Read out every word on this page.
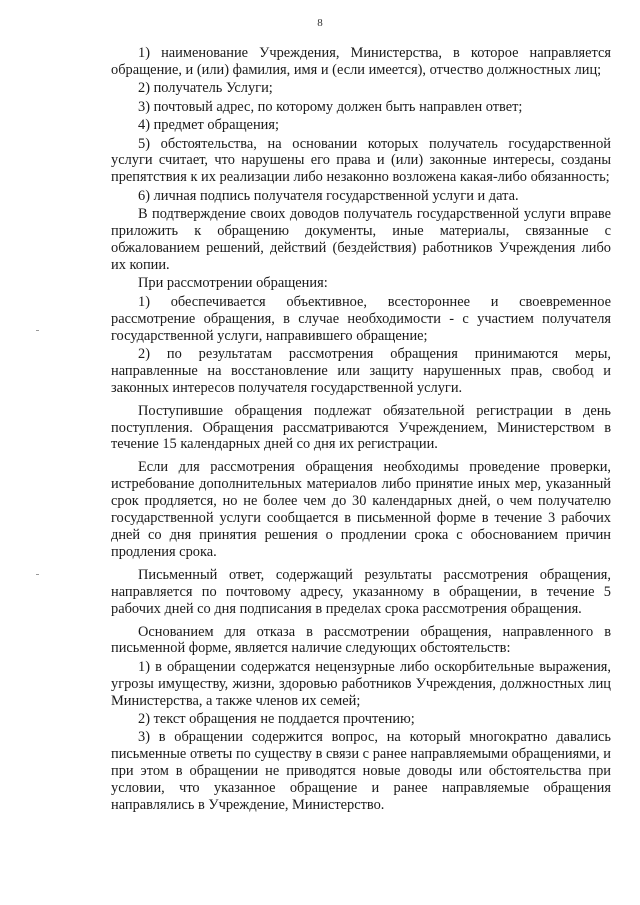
8

1) наименование Учреждения, Министерства, в которое направляется обращение, и (или) фамилия, имя и (если имеется), отчество должностных лиц;

2) получатель Услуги;

3) почтовый адрес, по которому должен быть направлен ответ;

4) предмет обращения;

5) обстоятельства, на основании которых получатель государственной услуги считает, что нарушены его права и (или) законные интересы, созданы препятствия к их реализации либо незаконно возложена какая-либо обязанность;

6) личная подпись получателя государственной услуги и дата.

В подтверждение своих доводов получатель государственной услуги вправе приложить к обращению документы, иные материалы, связанные с обжалованием решений, действий (бездействия) работников Учреждения либо их копии.

При рассмотрении обращения:

1) обеспечивается объективное, всестороннее и своевременное рассмотрение обращения, в случае необходимости - с участием получателя государственной услуги, направившего обращение;

2) по результатам рассмотрения обращения принимаются меры, направленные на восстановление или защиту нарушенных прав, свобод и законных интересов получателя государственной услуги.

Поступившие обращения подлежат обязательной регистрации в день поступления. Обращения рассматриваются Учреждением, Министерством в течение 15 календарных дней со дня их регистрации.

Если для рассмотрения обращения необходимы проведение проверки, истребование дополнительных материалов либо принятие иных мер, указанный срок продляется, но не более чем до 30 календарных дней, о чем получателю государственной услуги сообщается в письменной форме в течение 3 рабочих дней со дня принятия решения о продлении срока с обоснованием причин продления срока.

Письменный ответ, содержащий результаты рассмотрения обращения, направляется по почтовому адресу, указанному в обращении, в течение 5 рабочих дней со дня подписания в пределах срока рассмотрения обращения.

Основанием для отказа в рассмотрении обращения, направленного в письменной форме, является наличие следующих обстоятельств:

1) в обращении содержатся нецензурные либо оскорбительные выражения, угрозы имуществу, жизни, здоровью работников Учреждения, должностных лиц Министерства, а также членов их семей;

2) текст обращения не поддается прочтению;

3) в обращении содержится вопрос, на который многократно давались письменные ответы по существу в связи с ранее направляемыми обращениями, и при этом в обращении не приводятся новые доводы или обстоятельства при условии, что указанное обращение и ранее направляемые обращения направлялись в Учреждение, Министерство.
